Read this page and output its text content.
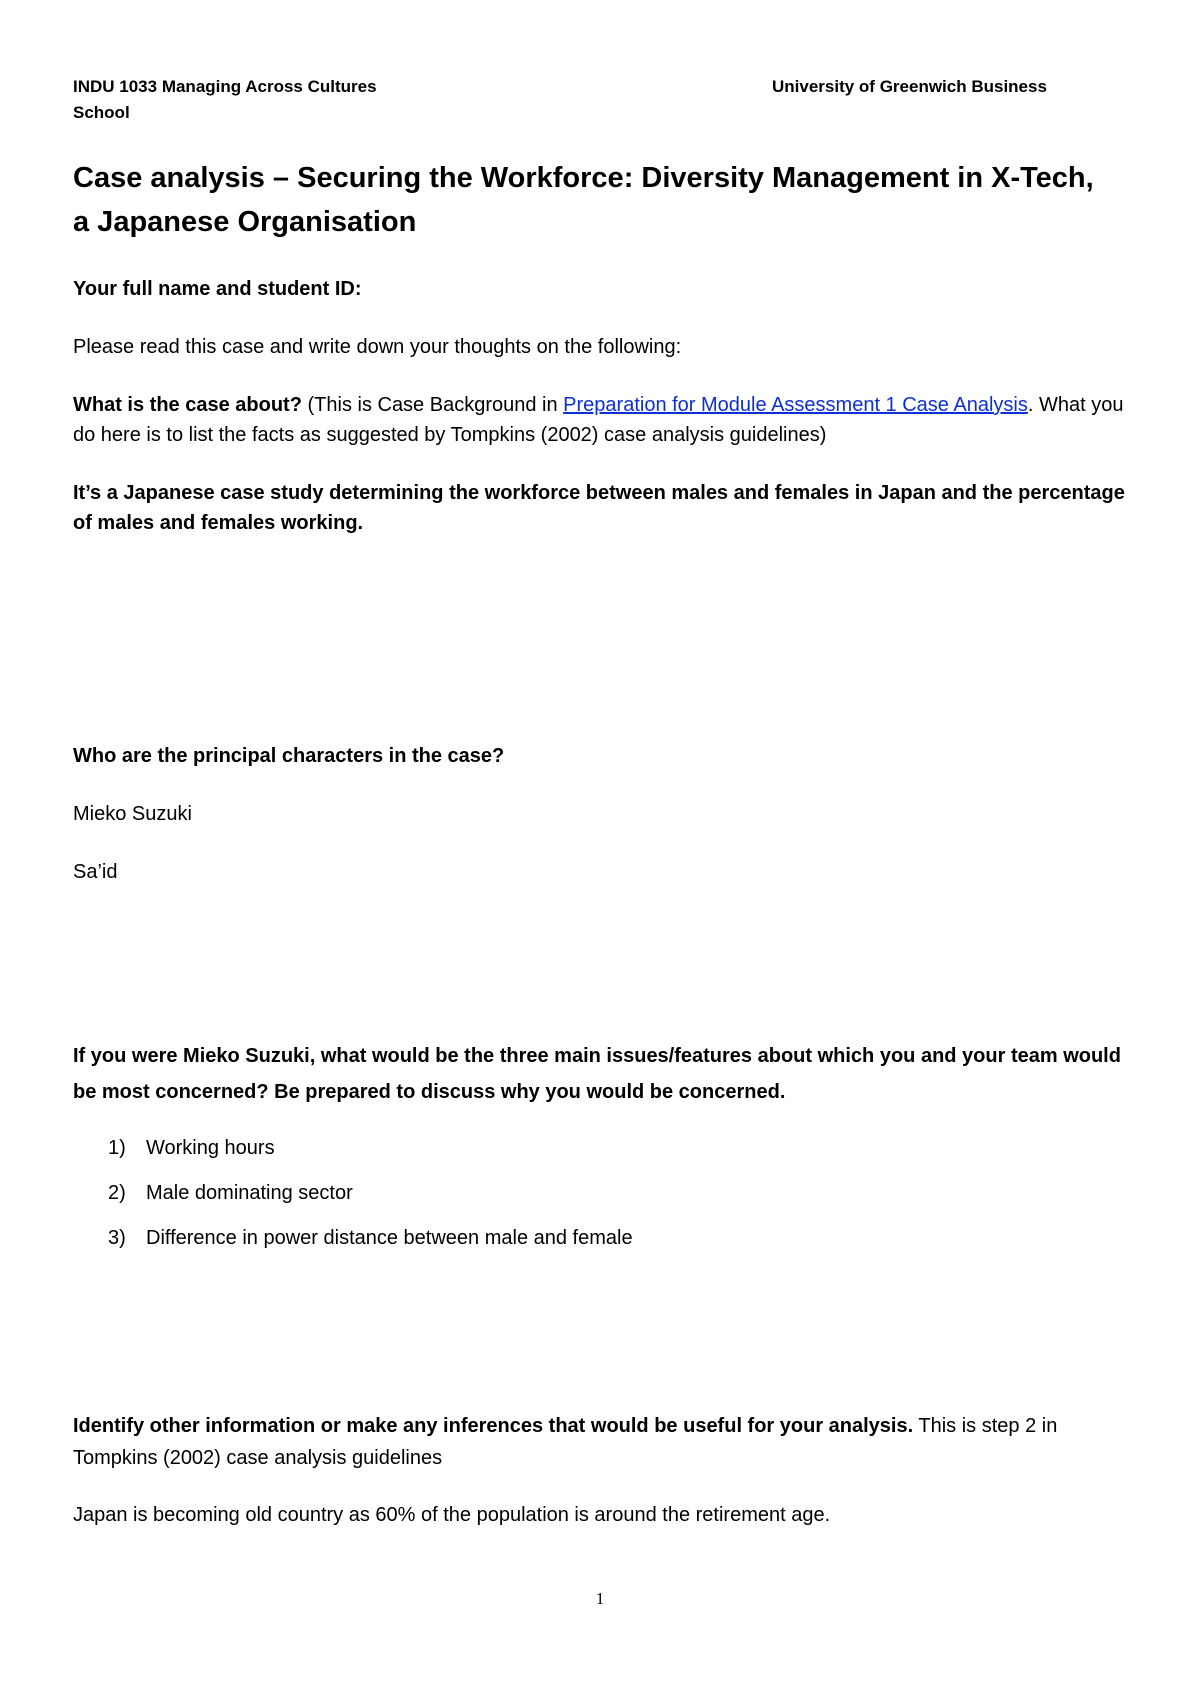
INDU 1033 Managing Across Cultures	University of Greenwich Business
School
Case analysis – Securing the Workforce: Diversity Management in X-Tech, a Japanese Organisation

Your full name and student ID:

Please read this case and write down your thoughts on the following:

What is the case about? (This is Case Background in Preparation for Module Assessment 1 Case Analysis. What you do here is to list the facts as suggested by Tompkins (2002) case analysis guidelines)

It’s a Japanese case study determining the workforce between males and females in Japan and the percentage of males and females working.

Who are the principal characters in the case?

Mieko Suzuki

Sa’id

If you were Mieko Suzuki, what would be the three main issues/features about which you and your team would be most concerned? Be prepared to discuss why you would be concerned.

1) Working hours
2) Male dominating sector
3) Difference in power distance between male and female

Identify other information or make any inferences that would be useful for your analysis. This is step 2 in Tompkins (2002) case analysis guidelines

Japan is becoming old country as 60% of the population is around the retirement age.

1
